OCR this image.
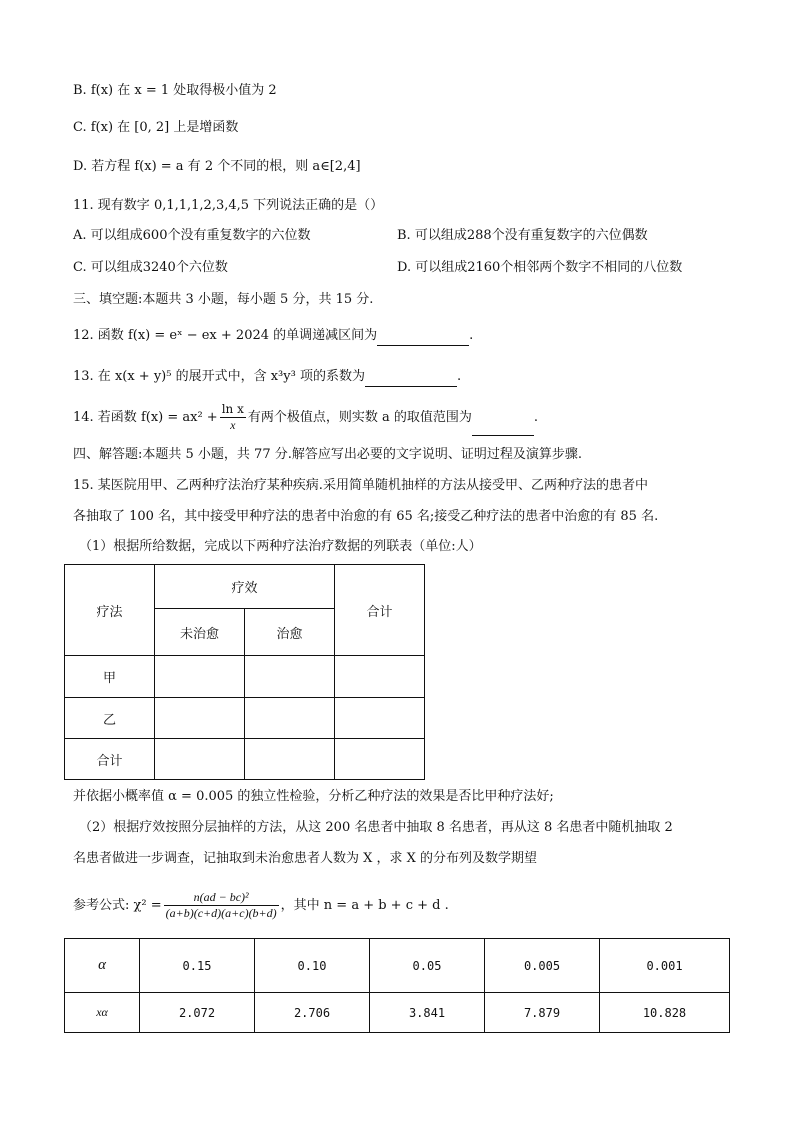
B. f(x) 在 x = 1 处取得极小值为 2
C. f(x) 在 [0, 2] 上是增函数
D. 若方程 f(x) = a 有 2 个不同的根，则 a∈[2,4]
11. 现有数字 0,1,1,1,2,3,4,5 下列说法正确的是（）
A. 可以组成600个没有重复数字的六位数	B. 可以组成288个没有重复数字的六位偶数
C. 可以组成3240个六位数	D. 可以组成2160个相邻两个数字不相同的八位数
三、填空题:本题共 3 小题，每小题 5 分，共 15 分.
12. 函数 f(x) = eˣ − ex + 2024 的单调递减区间为	.
13. 在 x(x + y)⁵ 的展开式中，含 x³y³ 项的系数为	.
14. 若函数 $f(x) = ax^2 + \frac{\text{ln x}}{x}$ 有两个极值点，则实数 a 的取值范围为	.
四、解答题:本题共 5 小题，共 77 分.解答应写出必要的文字说明、证明过程及演算步骤.
15. 某医院用甲、乙两种疗法治疗某种疾病.采用简单随机抽样的方法从接受甲、乙两种疗法的患者中
各抽取了 100 名，其中接受甲种疗法的患者中治愈的有 65 名;接受乙种疗法的患者中治愈的有 85 名.
（1）根据所给数据，完成以下两种疗法治疗数据的列联表（单位:人）
疗法	疗效		合计
	未治愈	治愈	
甲			
乙			
合计			
并依据小概率值 α = 0.005 的独立性检验，分析乙种疗法的效果是否比甲种疗法好;
（2）根据疗效按照分层抽样的方法，从这 200 名患者中抽取 8 名患者，再从这 8 名患者中随机抽取 2
名患者做进一步调查，记抽取到未治愈患者人数为 X ，求 X 的分布列及数学期望
参考公式: $\chi^2 = \frac{\text{n(ad − bc)²}}{(a+b)(c+d)(a+c)(b+d)}$ ，其中 n = a + b + c + d .
α	0.15	0.10	0.05	0.005	0.001
xα	2.072	2.706	3.841	7.879	10.828
